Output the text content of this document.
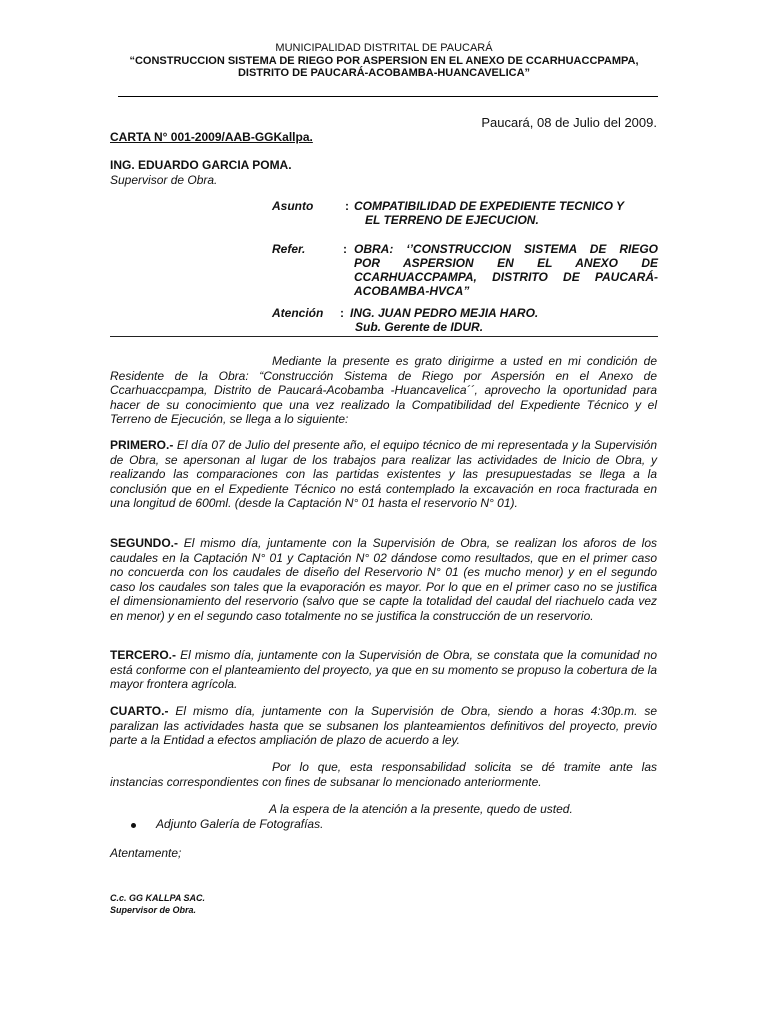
MUNICIPALIDAD DISTRITAL DE PAUCARÁ
“CONSTRUCCION SISTEMA DE RIEGO POR ASPERSION EN EL ANEXO DE CCARHUACCPAMPA,
DISTRITO DE PAUCARÁ-ACOBAMBA-HUANCAVELICA”
Paucará, 08 de Julio del 2009.
CARTA N° 001-2009/AAB-GGKallpa.
ING. EDUARDO GARCIA POMA.
Supervisor de Obra.
Asunto	: COMPATIBILIDAD DE EXPEDIENTE TECNICO Y
EL TERRENO DE EJECUCION.
Refer.	: OBRA: ‘’CONSTRUCCION SISTEMA DE RIEGO
POR ASPERSION EN EL ANEXO DE
CCARHUACCPAMPA, DISTRITO DE PAUCARÁ-
ACOBAMBA-HVCA”
Atención : ING. JUAN PEDRO MEJIA HARO.
Sub. Gerente de IDUR.
Mediante la presente es grato dirigirme a usted en mi condición de Residente de la Obra: “Construcción Sistema de Riego por Aspersión en el Anexo de Ccarhuaccpampa, Distrito de Paucará-Acobamba -Huancavelica´´, aprovecho la oportunidad para hacer de su conocimiento que una vez realizado la Compatibilidad del Expediente Técnico y el Terreno de Ejecución, se llega a lo siguiente:
PRIMERO.- El día 07 de Julio del presente año, el equipo técnico de mi representada y la Supervisión de Obra, se apersonan al lugar de los trabajos para realizar las actividades de Inicio de Obra, y realizando las comparaciones con las partidas existentes y las presupuestadas se llega a la conclusión que en el Expediente Técnico no está contemplado la excavación en roca fracturada en una longitud de 600ml. (desde la Captación N° 01 hasta el reservorio N° 01).
SEGUNDO.- El mismo día, juntamente con la Supervisión de Obra, se realizan los aforos de los caudales en la Captación N° 01 y Captación N° 02 dándose como resultados, que en el primer caso no concuerda con los caudales de diseño del Reservorio N° 01 (es mucho menor) y en el segundo caso los caudales son tales que la evaporación es mayor. Por lo que en el primer caso no se justifica el dimensionamiento del reservorio (salvo que se capte la totalidad del caudal del riachuelo cada vez en menor) y en el segundo caso totalmente no se justifica la construcción de un reservorio.
TERCERO.- El mismo día, juntamente con la Supervisión de Obra, se constata que la comunidad no está conforme con el planteamiento del proyecto, ya que en su momento se propuso la cobertura de la mayor frontera agrícola.
CUARTO.- El mismo día, juntamente con la Supervisión de Obra, siendo a horas 4:30p.m. se paralizan las actividades hasta que se subsanen los planteamientos definitivos del proyecto, previo parte a la Entidad a efectos ampliación de plazo de acuerdo a ley.
Por lo que, esta responsabilidad solicita se dé tramite ante las instancias correspondientes con fines de subsanar lo mencionado anteriormente.
A la espera de la atención a la presente, quedo de usted.
Adjunto Galería de Fotografías.
Atentamente;
C.c. GG KALLPA SAC.
Supervisor de Obra.
